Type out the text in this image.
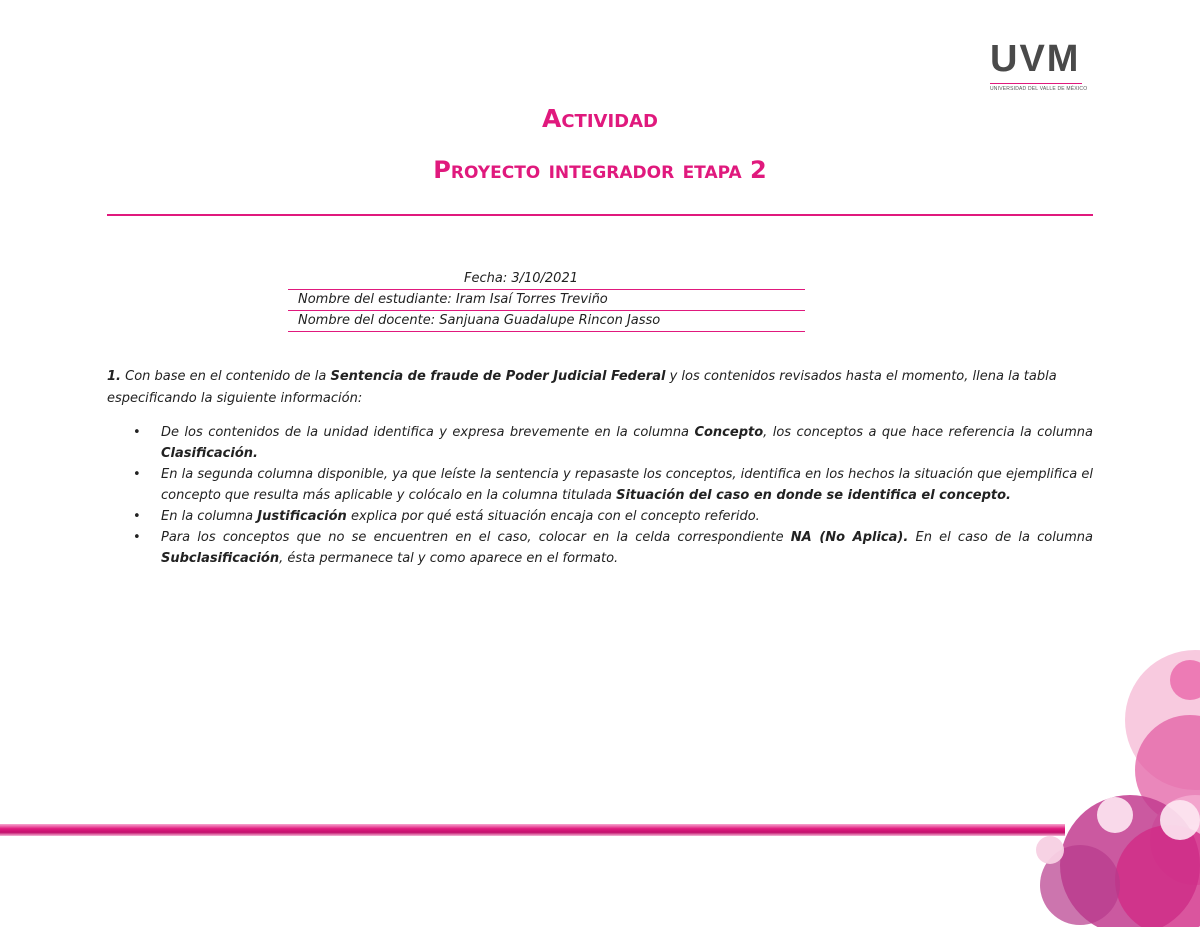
UVM
UNIVERSIDAD DEL VALLE DE MÉXICO
Actividad
Proyecto integrador etapa 2
Fecha: 3/10/2021
Nombre del estudiante: Iram Isaí Torres Treviño
Nombre del docente: Sanjuana Guadalupe Rincon Jasso
1. Con base en el contenido de la Sentencia de fraude de Poder Judicial Federal y los contenidos revisados hasta el momento, llena la tabla especificando la siguiente información:
• De los contenidos de la unidad identifica y expresa brevemente en la columna Concepto, los conceptos a que hace referencia la columna Clasificación.
• En la segunda columna disponible, ya que leíste la sentencia y repasaste los conceptos, identifica en los hechos la situación que ejemplifica el concepto que resulta más aplicable y colócalo en la columna titulada Situación del caso en donde se identifica el concepto.
• En la columna Justificación explica por qué está situación encaja con el concepto referido.
• Para los conceptos que no se encuentren en el caso, colocar en la celda correspondiente NA (No Aplica). En el caso de la columna Subclasificación, ésta permanece tal y como aparece en el formato.
